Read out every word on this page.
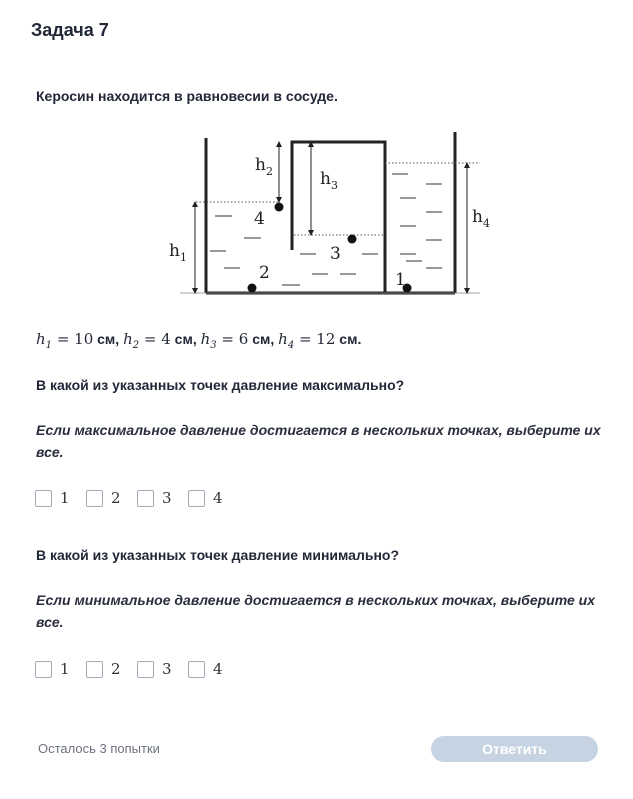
Задача 7
Керосин находится в равновесии в сосуде.
$h_1$
$h_2$	$h_3$
$h_4$
1
2
3
4
$h_1 = 10$ см, $h_2 = 4$ см, $h_3 = 6$ см, $h_4 = 12$ см.
В какой из указанных точек давление максимально?
Если максимальное давление достигается в нескольких точках, выберите их все.
1	2	3	4
В какой из указанных точек давление минимально?
Если минимальное давление достигается в нескольких точках, выберите их все.
1	2	3	4
Осталось 3 попытки	Ответить
